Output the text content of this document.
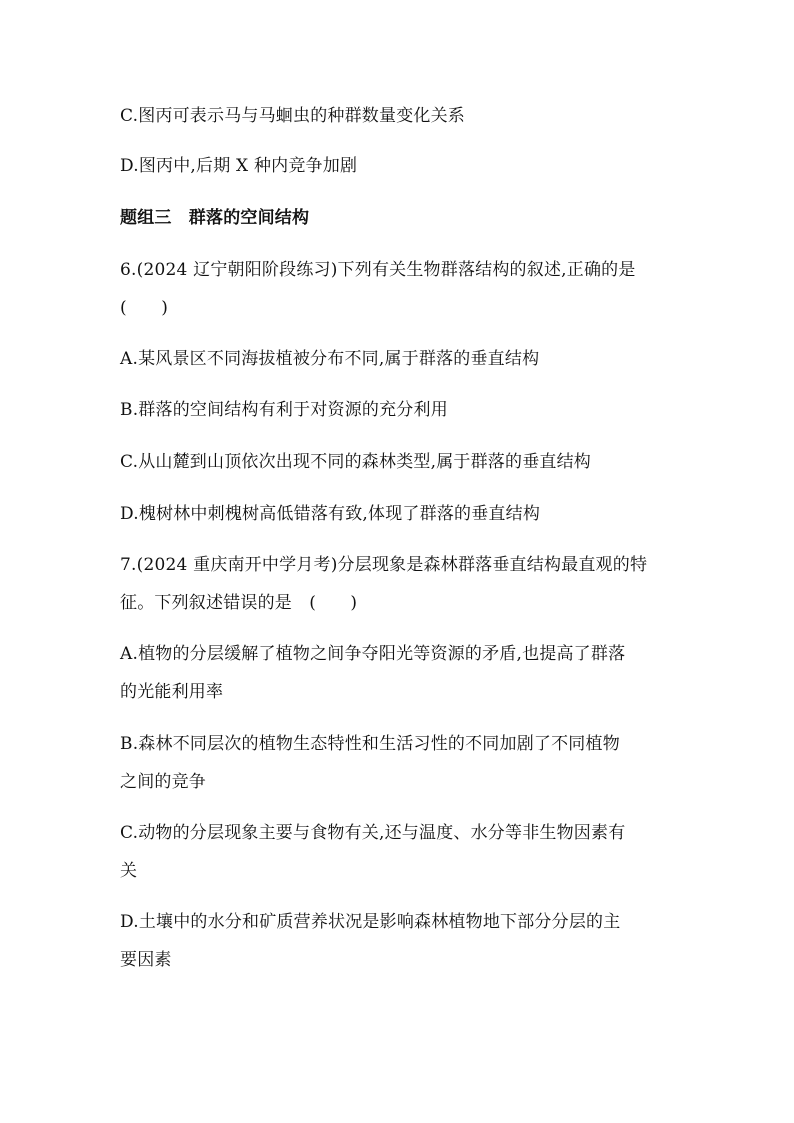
C.图丙可表示马与马蛔虫的种群数量变化关系
D.图丙中,后期 X 种内竞争加剧
题组三　群落的空间结构
6.(2024 辽宁朝阳阶段练习)下列有关生物群落结构的叙述,正确的是
(　　)
A.某风景区不同海拔植被分布不同,属于群落的垂直结构
B.群落的空间结构有利于对资源的充分利用
C.从山麓到山顶依次出现不同的森林类型,属于群落的垂直结构
D.槐树林中刺槐树高低错落有致,体现了群落的垂直结构
7.(2024 重庆南开中学月考)分层现象是森林群落垂直结构最直观的特
征。下列叙述错误的是　(　　)
A.植物的分层缓解了植物之间争夺阳光等资源的矛盾,也提高了群落
的光能利用率
B.森林不同层次的植物生态特性和生活习性的不同加剧了不同植物
之间的竞争
C.动物的分层现象主要与食物有关,还与温度、水分等非生物因素有
关
D.土壤中的水分和矿质营养状况是影响森林植物地下部分分层的主
要因素
